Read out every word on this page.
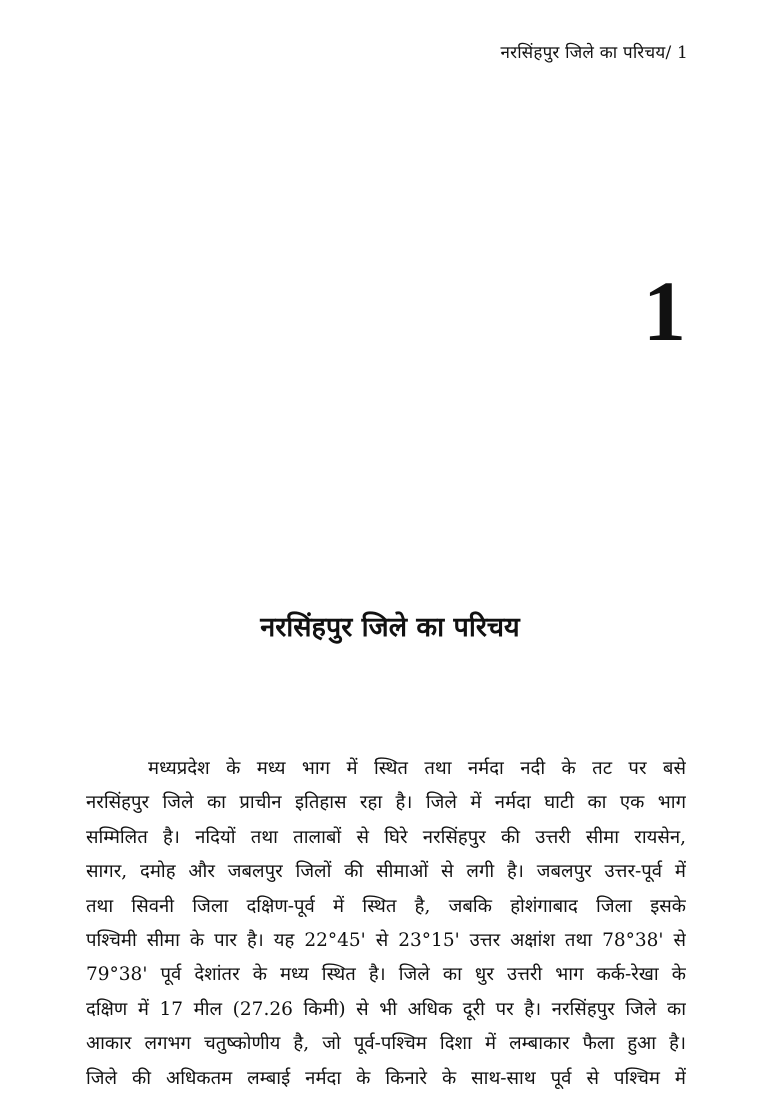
नरसिंहपुर जिले का परिचय/ 1
1
नरसिंहपुर जिले का परिचय
मध्यप्रदेश के मध्य भाग में स्थित तथा नर्मदा नदी के तट पर बसे
नरसिंहपुर जिले का प्राचीन इतिहास रहा है। जिले में नर्मदा घाटी का एक भाग
सम्मिलित है। नदियों तथा तालाबों से घिरे नरसिंहपुर की उत्तरी सीमा रायसेन,
सागर, दमोह और जबलपुर जिलों की सीमाओं से लगी है। जबलपुर उत्तर-पूर्व में
तथा सिवनी जिला दक्षिण-पूर्व में स्थित है, जबकि होशंगाबाद जिला इसके
पश्चिमी सीमा के पार है। यह 22°45' से 23°15' उत्तर अक्षांश तथा 78°38' से
79°38' पूर्व देशांतर के मध्य स्थित है। जिले का धुर उत्तरी भाग कर्क-रेखा के
दक्षिण में 17 मील (27.26 किमी) से भी अधिक दूरी पर है। नरसिंहपुर जिले का
आकार लगभग चतुष्कोणीय है, जो पूर्व-पश्चिम दिशा में लम्बाकार फैला हुआ है।
जिले की अधिकतम लम्बाई नर्मदा के किनारे के साथ-साथ पूर्व से पश्चिम में
